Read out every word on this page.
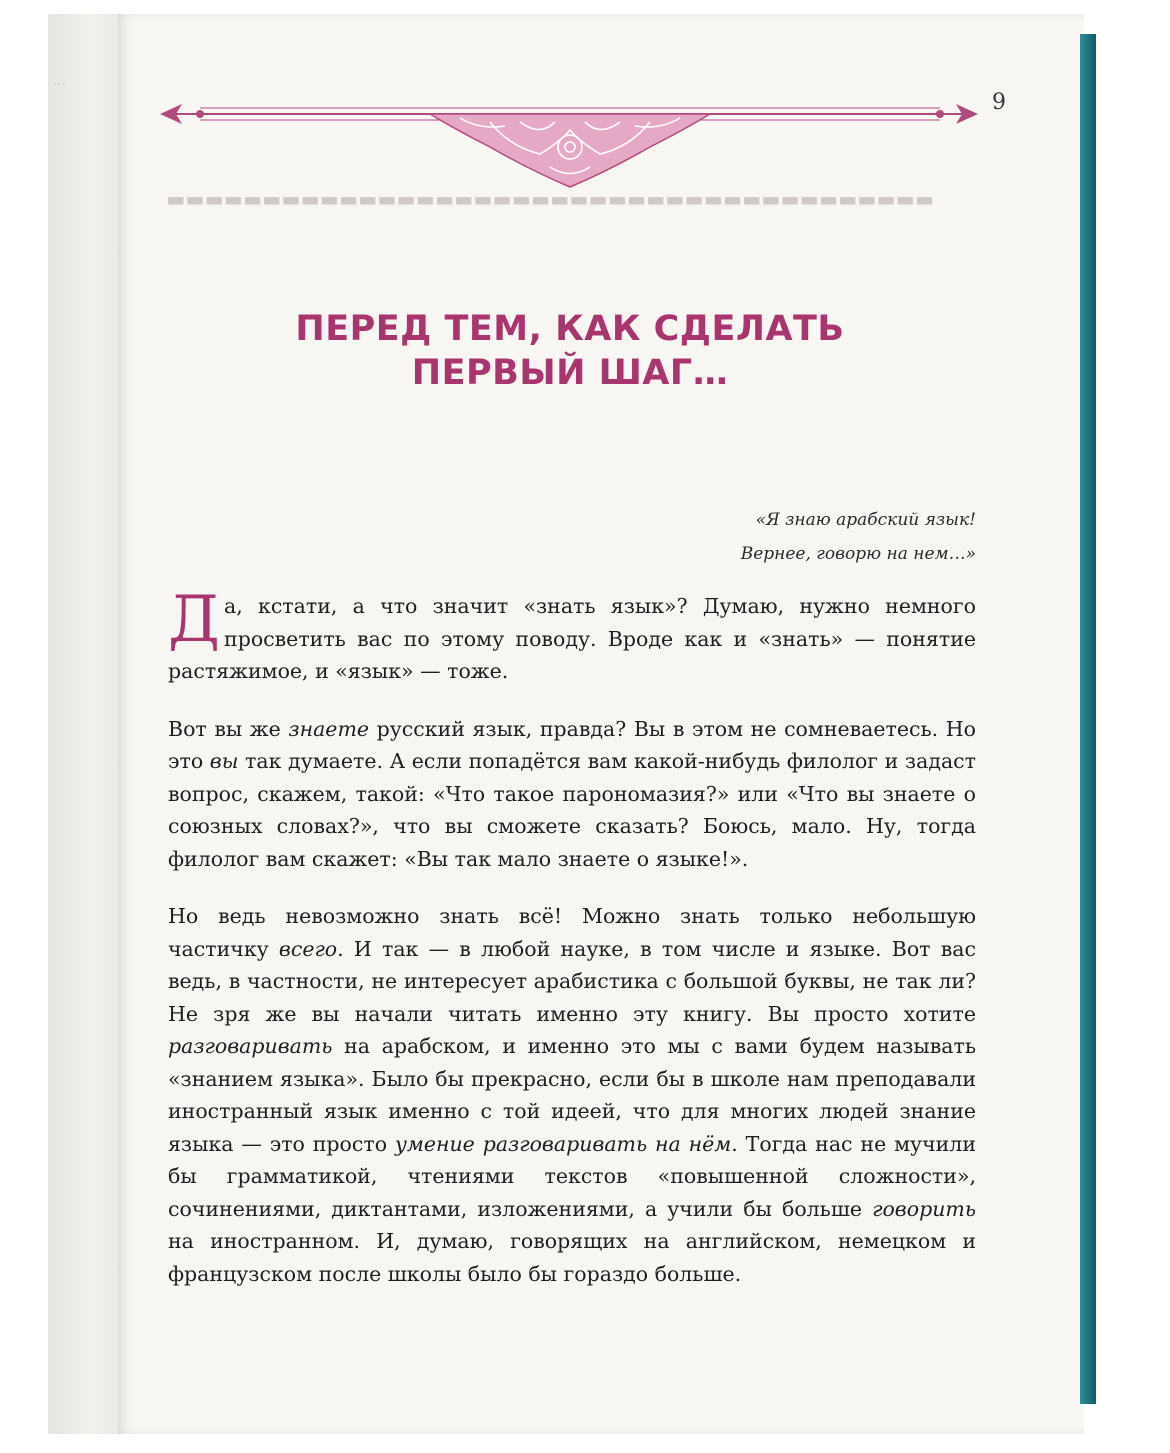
…
▬▬▬▬▬▬▬▬▬▬▬▬▬▬▬▬▬▬▬▬▬▬▬▬▬▬▬▬▬▬▬▬▬▬▬▬▬▬▬▬
9
ПЕРЕД ТЕМ, КАК СДЕЛАТЬ
ПЕРВЫЙ ШАГ…
«Я знаю арабский язык!
Вернее, говорю на нем…»

Да, кстати, а что значит «знать язык»? Думаю, нужно немного просветить вас по этому поводу. Вроде как и «знать» — понятие растяжимое, и «язык» — тоже.

Вот вы же знаете русский язык, правда? Вы в этом не сомневаетесь. Но это вы так думаете. А если попадётся вам какой-нибудь филолог и задаст вопрос, скажем, такой: «Что такое парономазия?» или «Что вы знаете о союзных словах?», что вы сможете сказать? Боюсь, мало. Ну, тогда филолог вам скажет: «Вы так мало знаете о языке!».

Но ведь невозможно знать всё! Можно знать только небольшую частичку всего. И так — в любой науке, в том числе и языке. Вот вас ведь, в частности, не интересует арабистика с большой буквы, не так ли? Не зря же вы начали читать именно эту книгу. Вы просто хотите разговаривать на арабском, и именно это мы с вами будем называть «знанием языка». Было бы прекрасно, если бы в школе нам преподавали иностранный язык именно с той идеей, что для многих людей знание языка — это просто умение разговаривать на нём. Тогда нас не мучили бы грамматикой, чтениями текстов «повышенной сложности», сочинениями, диктантами, изложениями, а учили бы больше говорить на иностранном. И, думаю, говорящих на английском, немецком и французском после школы было бы гораздо больше.
